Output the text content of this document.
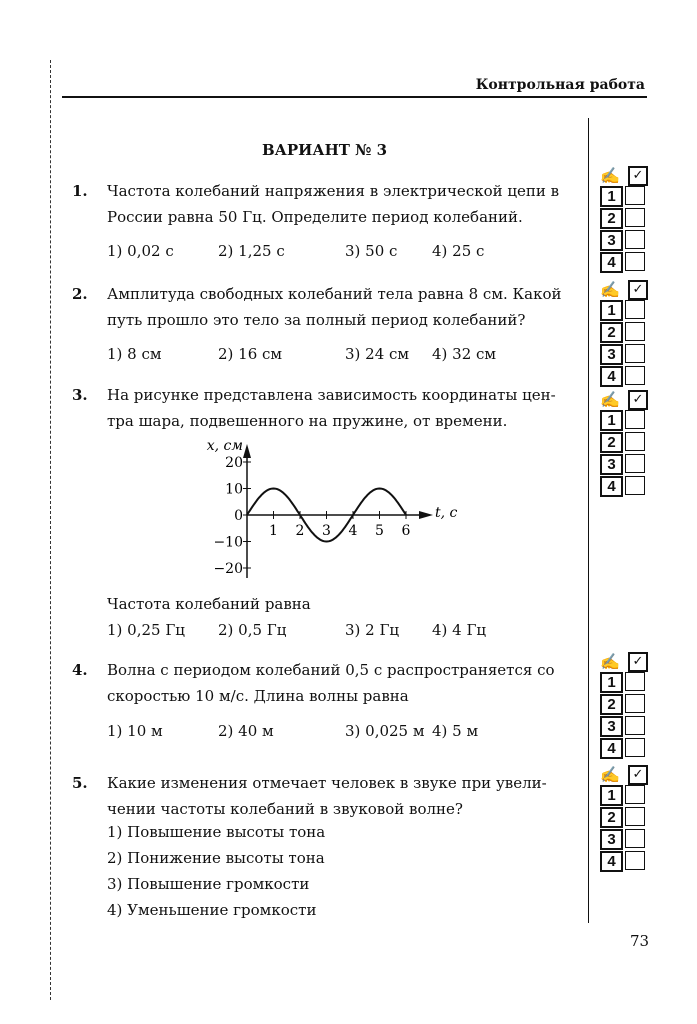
Контрольная работа
ВАРИАНТ № 3
73
1 2 3 4 5 6
20
10
0
−10
−20
x, см
t, с
1. Частота колебаний напряжения в электрической цепи в
России равна 50 Гц. Определите период колебаний.
1) 0,02 с	2) 1,25 с	3) 50 с 4) 25 с
✍ ✓
1
2
3
4
2. Амплитуда свободных колебаний тела равна 8 см. Какой
путь прошло это тело за полный период колебаний?
1) 8 см	2) 16 см	3) 24 см 4) 32 см
✍ ✓
1
2
3
4
3. На рисунке представлена зависимость координаты цен-
тра шара, подвешенного на пружине, от времени.
Частота колебаний равна
1) 0,25 Гц 2) 0,5 Гц	3) 2 Гц 4) 4 Гц
✍ ✓
1
2
3
4
4. Волна с периодом колебаний 0,5 с распространяется со
скоростью 10 м/с. Длина волны равна
1) 10 м	2) 40 м	3) 0,025 м 4) 5 м
✍ ✓
1
2
3
4
5. Какие изменения отмечает человек в звуке при увели-
чении частоты колебаний в звуковой волне?
1) Повышение высоты тона
2) Понижение высоты тона
3) Повышение громкости
4) Уменьшение громкости
✍ ✓
1
2
3
4
